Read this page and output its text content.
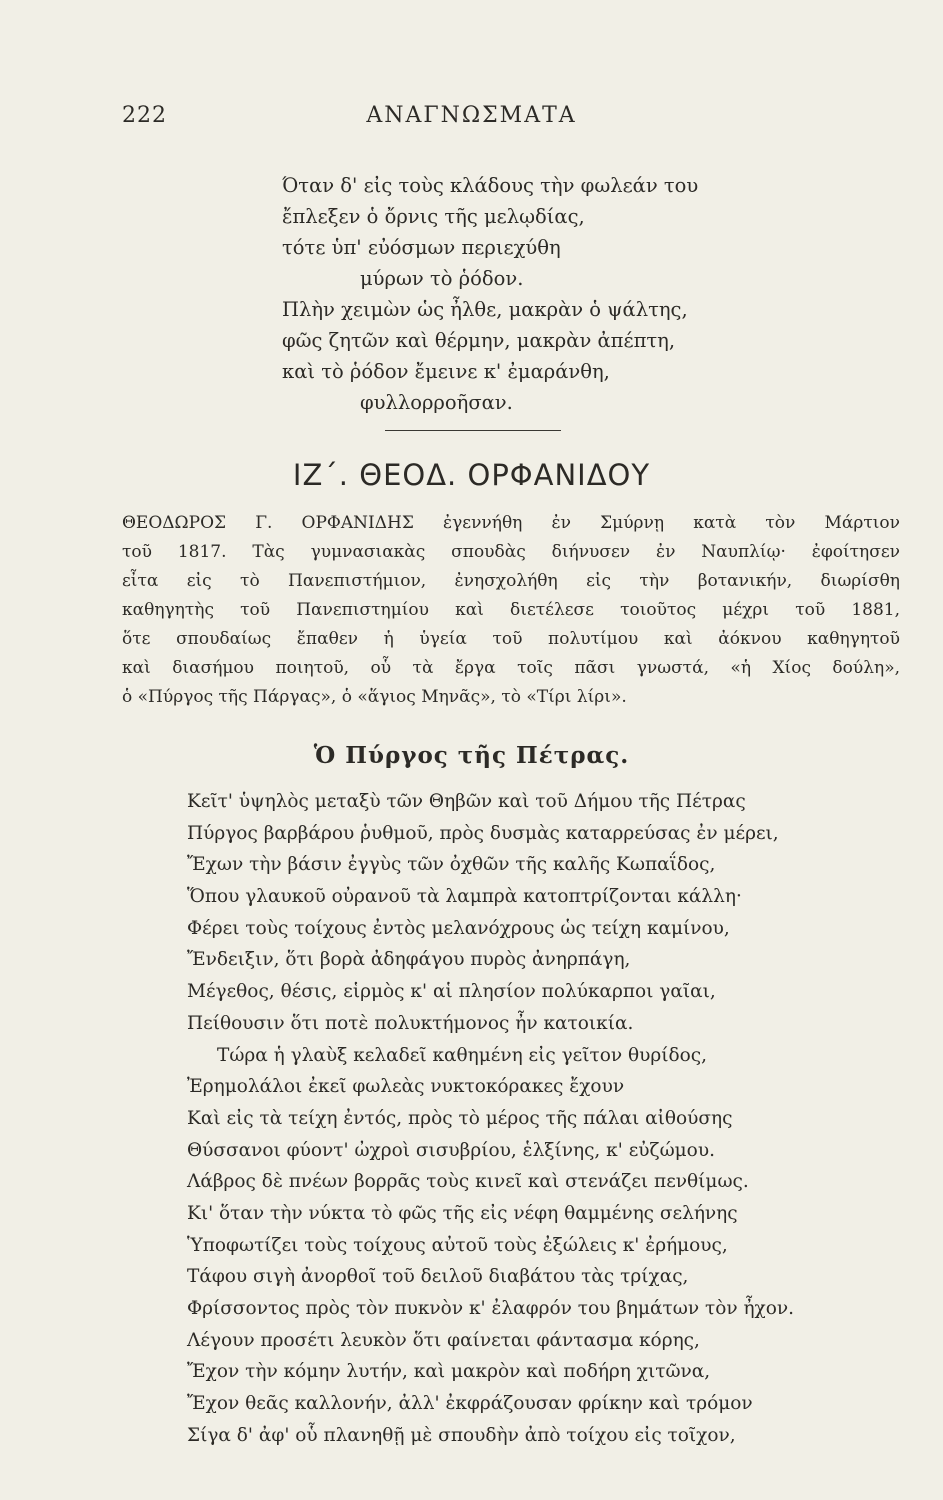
222	ΑΝΑΓΝΩΣΜΑΤΑ
Όταν δ' εἰς τοὺς κλάδους τὴν φωλεάν του
ἔπλεξεν ὁ ὄρνις τῆς μελῳδίας,
τότε ὑπ' εὐόσμων περιεχύθη
μύρων τὸ ῥόδον.
Πλὴν χειμὼν ὡς ἦλθε, μακρὰν ὁ ψάλτης,
φῶς ζητῶν καὶ θέρμην, μακρὰν ἀπέπτη,
καὶ τὸ ῥόδον ἔμεινε κ' ἐμαράνθη,
φυλλορροῆσαν.
ΙΖ΄. ΘΕΟΔ. ΟΡΦΑΝΙΔΟΥ
ΘΕΟΔΩΡΟΣ Γ. ΟΡΦΑΝΙΔΗΣ ἐγεννήθη ἐν Σμύρνῃ κατὰ τὸν Μάρτιον
τοῦ 1817. Τὰς γυμνασιακὰς σπουδὰς διήνυσεν ἐν Ναυπλίῳ· ἐφοίτησεν
εἶτα εἰς τὸ Πανεπιστήμιον, ἐνησχολήθη εἰς τὴν βοτανικήν, διωρίσθη
καθηγητὴς τοῦ Πανεπιστημίου καὶ διετέλεσε τοιοῦτος μέχρι τοῦ 1881,
ὅτε σπουδαίως ἔπαθεν ἡ ὑγεία τοῦ πολυτίμου καὶ ἀόκνου καθηγητοῦ
καὶ διασήμου ποιητοῦ, οὗ τὰ ἔργα τοῖς πᾶσι γνωστά, «ἡ Χίος δούλη»,
ὁ «Πύργος τῆς Πάργας», ὁ «ἅγιος Μηνᾶς», τὸ «Τίρι λίρι».
Ὁ Πύργος τῆς Πέτρας.
Κεῖτ' ὑψηλὸς μεταξὺ τῶν Θηβῶν καὶ τοῦ Δήμου τῆς Πέτρας
Πύργος βαρβάρου ῥυθμοῦ, πρὸς δυσμὰς καταρρεύσας ἐν μέρει,
Ἔχων τὴν βάσιν ἐγγὺς τῶν ὀχθῶν τῆς καλῆς Κωπαΐδος,
Ὅπου γλαυκοῦ οὐρανοῦ τὰ λαμπρὰ κατοπτρίζονται κάλλη·
Φέρει τοὺς τοίχους ἐντὸς μελανόχρους ὡς τείχη καμίνου,
Ἔνδειξιν, ὅτι βορὰ ἀδηφάγου πυρὸς ἀνηρπάγη,
Μέγεθος, θέσις, εἱρμὸς κ' αἱ πλησίον πολύκαρποι γαῖαι,
Πείθουσιν ὅτι ποτὲ πολυκτήμονος ἦν κατοικία.
Τώρα ἡ γλαὺξ κελαδεῖ καθημένη εἰς γεῖτον θυρίδος,
Ἐρημολάλοι ἐκεῖ φωλεὰς νυκτοκόρακες ἔχουν
Καὶ εἰς τὰ τείχη ἐντός, πρὸς τὸ μέρος τῆς πάλαι αἰθούσης
Θύσσανοι φύοντ' ὠχροὶ σισυβρίου, ἑλξίνης, κ' εὐζώμου.
Λάβρος δὲ πνέων βορρᾶς τοὺς κινεῖ καὶ στενάζει πενθίμως.
Κι' ὅταν τὴν νύκτα τὸ φῶς τῆς εἰς νέφη θαμμένης σελήνης
Ὑποφωτίζει τοὺς τοίχους αὐτοῦ τοὺς ἐξώλεις κ' ἐρήμους,
Τάφου σιγὴ ἀνορθοῖ τοῦ δειλοῦ διαβάτου τὰς τρίχας,
Φρίσσοντος πρὸς τὸν πυκνὸν κ' ἐλαφρόν του βημάτων τὸν ἦχον.
Λέγουν προσέτι λευκὸν ὅτι φαίνεται φάντασμα κόρης,
Ἔχον τὴν κόμην λυτήν, καὶ μακρὸν καὶ ποδήρη χιτῶνα,
Ἔχον θεᾶς καλλονήν, ἀλλ' ἐκφράζουσαν φρίκην καὶ τρόμον
Σίγα δ' ἀφ' οὗ πλανηθῇ μὲ σπουδὴν ἀπὸ τοίχου εἰς τοῖχον,
